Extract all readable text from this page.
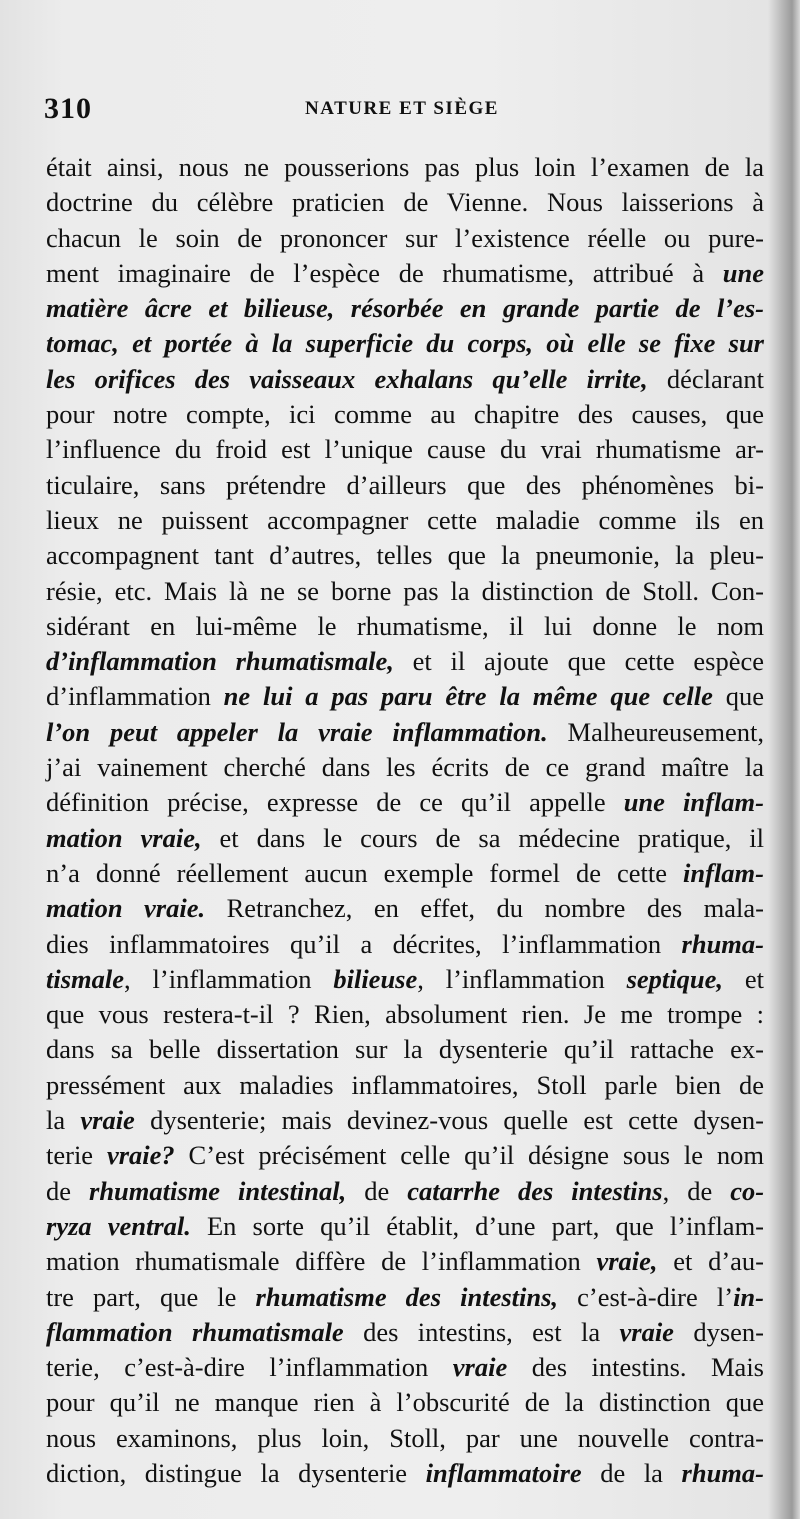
310	NATURE ET SIÈGE
était ainsi, nous ne pousserions pas plus loin l’examen de la
doctrine du célèbre praticien de Vienne. Nous laisserions à
chacun le soin de prononcer sur l’existence réelle ou pure-
ment imaginaire de l’espèce de rhumatisme, attribué à une
matière âcre et bilieuse, résorbée en grande partie de l’es-
tomac, et portée à la superficie du corps, où elle se fixe sur
les orifices des vaisseaux exhalans qu’elle irrite, déclarant
pour notre compte, ici comme au chapitre des causes, que
l’influence du froid est l’unique cause du vrai rhumatisme ar-
ticulaire, sans prétendre d’ailleurs que des phénomènes bi-
lieux ne puissent accompagner cette maladie comme ils en
accompagnent tant d’autres, telles que la pneumonie, la pleu-
résie, etc. Mais là ne se borne pas la distinction de Stoll. Con-
sidérant en lui-même le rhumatisme, il lui donne le nom
d’inflammation rhumatismale, et il ajoute que cette espèce
d’inflammation ne lui a pas paru être la même que celle que
l’on peut appeler la vraie inflammation. Malheureusement,
j’ai vainement cherché dans les écrits de ce grand maître la
définition précise, expresse de ce qu’il appelle une inflam-
mation vraie, et dans le cours de sa médecine pratique, il
n’a donné réellement aucun exemple formel de cette inflam-
mation vraie. Retranchez, en effet, du nombre des mala-
dies inflammatoires qu’il a décrites, l’inflammation rhuma-
tismale, l’inflammation bilieuse, l’inflammation septique, et
que vous restera-t-il ? Rien, absolument rien. Je me trompe :
dans sa belle dissertation sur la dysenterie qu’il rattache ex-
pressément aux maladies inflammatoires, Stoll parle bien de
la vraie dysenterie; mais devinez-vous quelle est cette dysen-
terie vraie? C’est précisément celle qu’il désigne sous le nom
de rhumatisme intestinal, de catarrhe des intestins, de co-
ryza ventral. En sorte qu’il établit, d’une part, que l’inflam-
mation rhumatismale diffère de l’inflammation vraie, et d’au-
tre part, que le rhumatisme des intestins, c’est-à-dire l’in-
flammation rhumatismale des intestins, est la vraie dysen-
terie, c’est-à-dire l’inflammation vraie des intestins. Mais
pour qu’il ne manque rien à l’obscurité de la distinction que
nous examinons, plus loin, Stoll, par une nouvelle contra-
diction, distingue la dysenterie inflammatoire de la rhuma-
